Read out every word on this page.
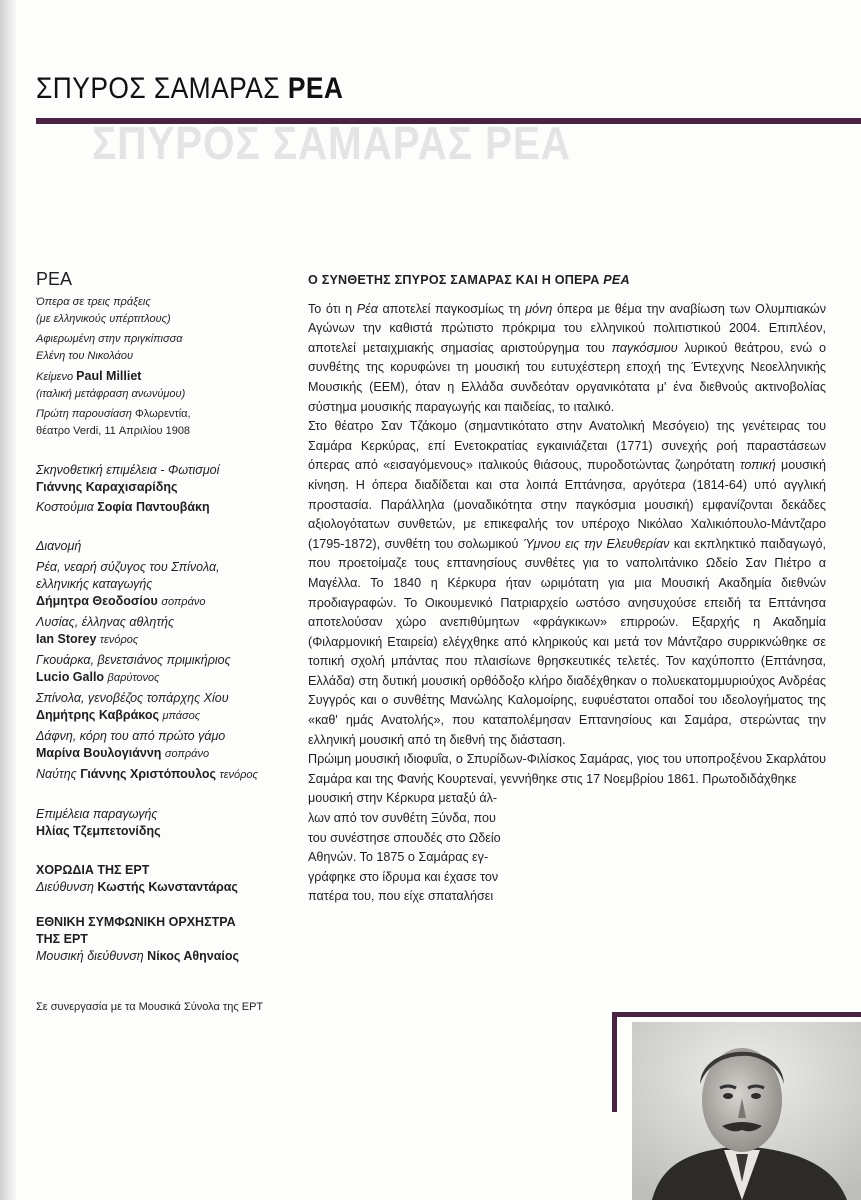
ΣΠΥΡΟΣ ΣΑΜΑΡΑΣ ΡΕΑ
ΣΠΥΡΟΣ ΣΑΜΑΡΑΣ ΡΕΑ
ΡΕΑ
Όπερα σε τρεις πράξεις
(με ελληνικούς υπέρτιτλους)
Αφιερωμένη στην πριγκίπισσα
Ελένη του Νικολάου
Κείμενο Paul Milliet
(ιταλική μετάφραση ανωνύμου)
Πρώτη παρουσίαση Φλωρεντία,
θέατρο Verdi, 11 Απριλίου 1908
Σκηνοθετική επιμέλεια - Φωτισμοί
Γιάννης Καραχισαρίδης
Κοστούμια Σοφία Παντουβάκη
Διανομή
Ρέα, νεαρή σύζυγος του Σπίνολα,
ελληνικής καταγωγής
Δήμητρα Θεοδοσίου σοπράνο
Λυσίας, έλληνας αθλητής
Ian Storey τενόρος
Γκουάρκα, βενετσιάνος πριμικήριος
Lucio Gallo βαρύτονος
Σπίνολα, γενοβέζος τοπάρχης Χίου
Δημήτρης Καβράκος μπάσος
Δάφνη, κόρη του από πρώτο γάμο
Μαρίνα Βουλογιάννη σοπράνο
Ναύτης Γιάννης Χριστόπουλος τενόρος
Επιμέλεια παραγωγής
Ηλίας Τζεμπετονίδης
ΧΟΡΩΔΙΑ ΤΗΣ ΕΡΤ
Διεύθυνση Κωστής Κωνσταντάρας
ΕΘΝΙΚΗ ΣΥΜΦΩΝΙΚΗ ΟΡΧΗΣΤΡΑ
ΤΗΣ ΕΡΤ
Μουσική διεύθυνση Νίκος Αθηναίος
Σε συνεργασία με τα Μουσικά Σύνολα της ΕΡΤ
Ο ΣΥΝΘΕΤΗΣ ΣΠΥΡΟΣ ΣΑΜΑΡΑΣ ΚΑΙ Η ΟΠΕΡΑ ΡΕΑ

Το ότι η Ρέα αποτελεί παγκοσμίως τη μόνη όπερα με θέμα την αναβίωση των Ολυμπιακών Αγώνων την καθιστά πρώτιστο πρόκριμα του ελληνικού πολιτιστικού 2004. Επιπλέον, αποτελεί μεταιχμιακής σημασίας αριστούργημα του παγκόσμιου λυρικού θεάτρου, ενώ ο συνθέτης της κορυφώνει τη μουσική του ευτυχέστερη εποχή της Έντεχνης Νεοελληνικής Μουσικής (ΕΕΜ), όταν η Ελλάδα συνδεόταν οργανικότατα μ' ένα διεθνούς ακτινοβολίας σύστημα μουσικής παραγωγής και παιδείας, το ιταλικό.

Στο θέατρο Σαν Τζάκομο (σημαντικότατο στην Ανατολική Μεσόγειο) της γενέτειρας του Σαμάρα Κερκύρας, επί Ενετοκρατίας εγκαινιάζεται (1771) συνεχής ροή παραστάσεων όπερας από «εισαγόμενους» ιταλικούς θιάσους, πυροδοτώντας ζωηρότατη τοπική μουσική κίνηση. Η όπερα διαδίδεται και στα λοιπά Επτάνησα, αργότερα (1814-64) υπό αγγλική προστασία. Παράλληλα (μοναδικότητα στην παγκόσμια μουσική) εμφανίζονται δεκάδες αξιολογότατων συνθετών, με επικεφαλής τον υπέροχο Νικόλαο Χαλικιόπουλο-Μάντζαρο (1795-1872), συνθέτη του σολωμικού Ύμνου εις την Ελευθερίαν και εκπληκτικό παιδαγωγό, που προετοίμαζε τους επτανησίους συνθέτες για το ναπολιτάνικο Ωδείο Σαν Πιέτρο α Μαγέλλα. Το 1840 η Κέρκυρα ήταν ωριμότατη για μια Μουσική Ακαδημία διεθνών προδιαγραφών. Το Οικουμενικό Πατριαρχείο ωστόσο ανησυχούσε επειδή τα Επτάνησα αποτελούσαν χώρο ανεπιθύμητων «φράγκικων» επιρροών. Εξαρχής η Ακαδημία (Φιλαρμονική Εταιρεία) ελέγχθηκε από κληρικούς και μετά τον Μάντζαρο συρρικνώθηκε σε τοπική σχολή μπάντας που πλαισίωνε θρησκευτικές τελετές. Τον καχύποπτο (Επτάνησα, Ελλάδα) στη δυτική μουσική ορθόδοξο κλήρο διαδέχθηκαν ο πολυεκατομμυριούχος Ανδρέας Συγγρός και ο συνθέτης Μανώλης Καλομοίρης, ευφυέστατοι οπαδοί του ιδεολογήματος της «καθ' ημάς Ανατολής», που καταπολέμησαν Επτανησίους και Σαμάρα, στερώντας την ελληνική μουσική από τη διεθνή της διάσταση.

Πρώιμη μουσική ιδιοφυΐα, ο Σπυρίδων-Φιλίσκος Σαμάρας, γιος του υποπροξένου Σκαρλάτου Σαμάρα και της Φανής Κουρτεναί, γεννήθηκε στις 17 Νοεμβρίου 1861. Πρωτοδιδάχθηκε

μουσική στην Κέρκυρα μεταξύ άλ-
λων από τον συνθέτη Ξύνδα, που
του συνέστησε σπουδές στο Ωδείο
Αθηνών. Το 1875 ο Σαμάρας εγ-
γράφηκε στο ίδρυμα και έχασε τον
πατέρα του, που είχε σπαταλήσει
